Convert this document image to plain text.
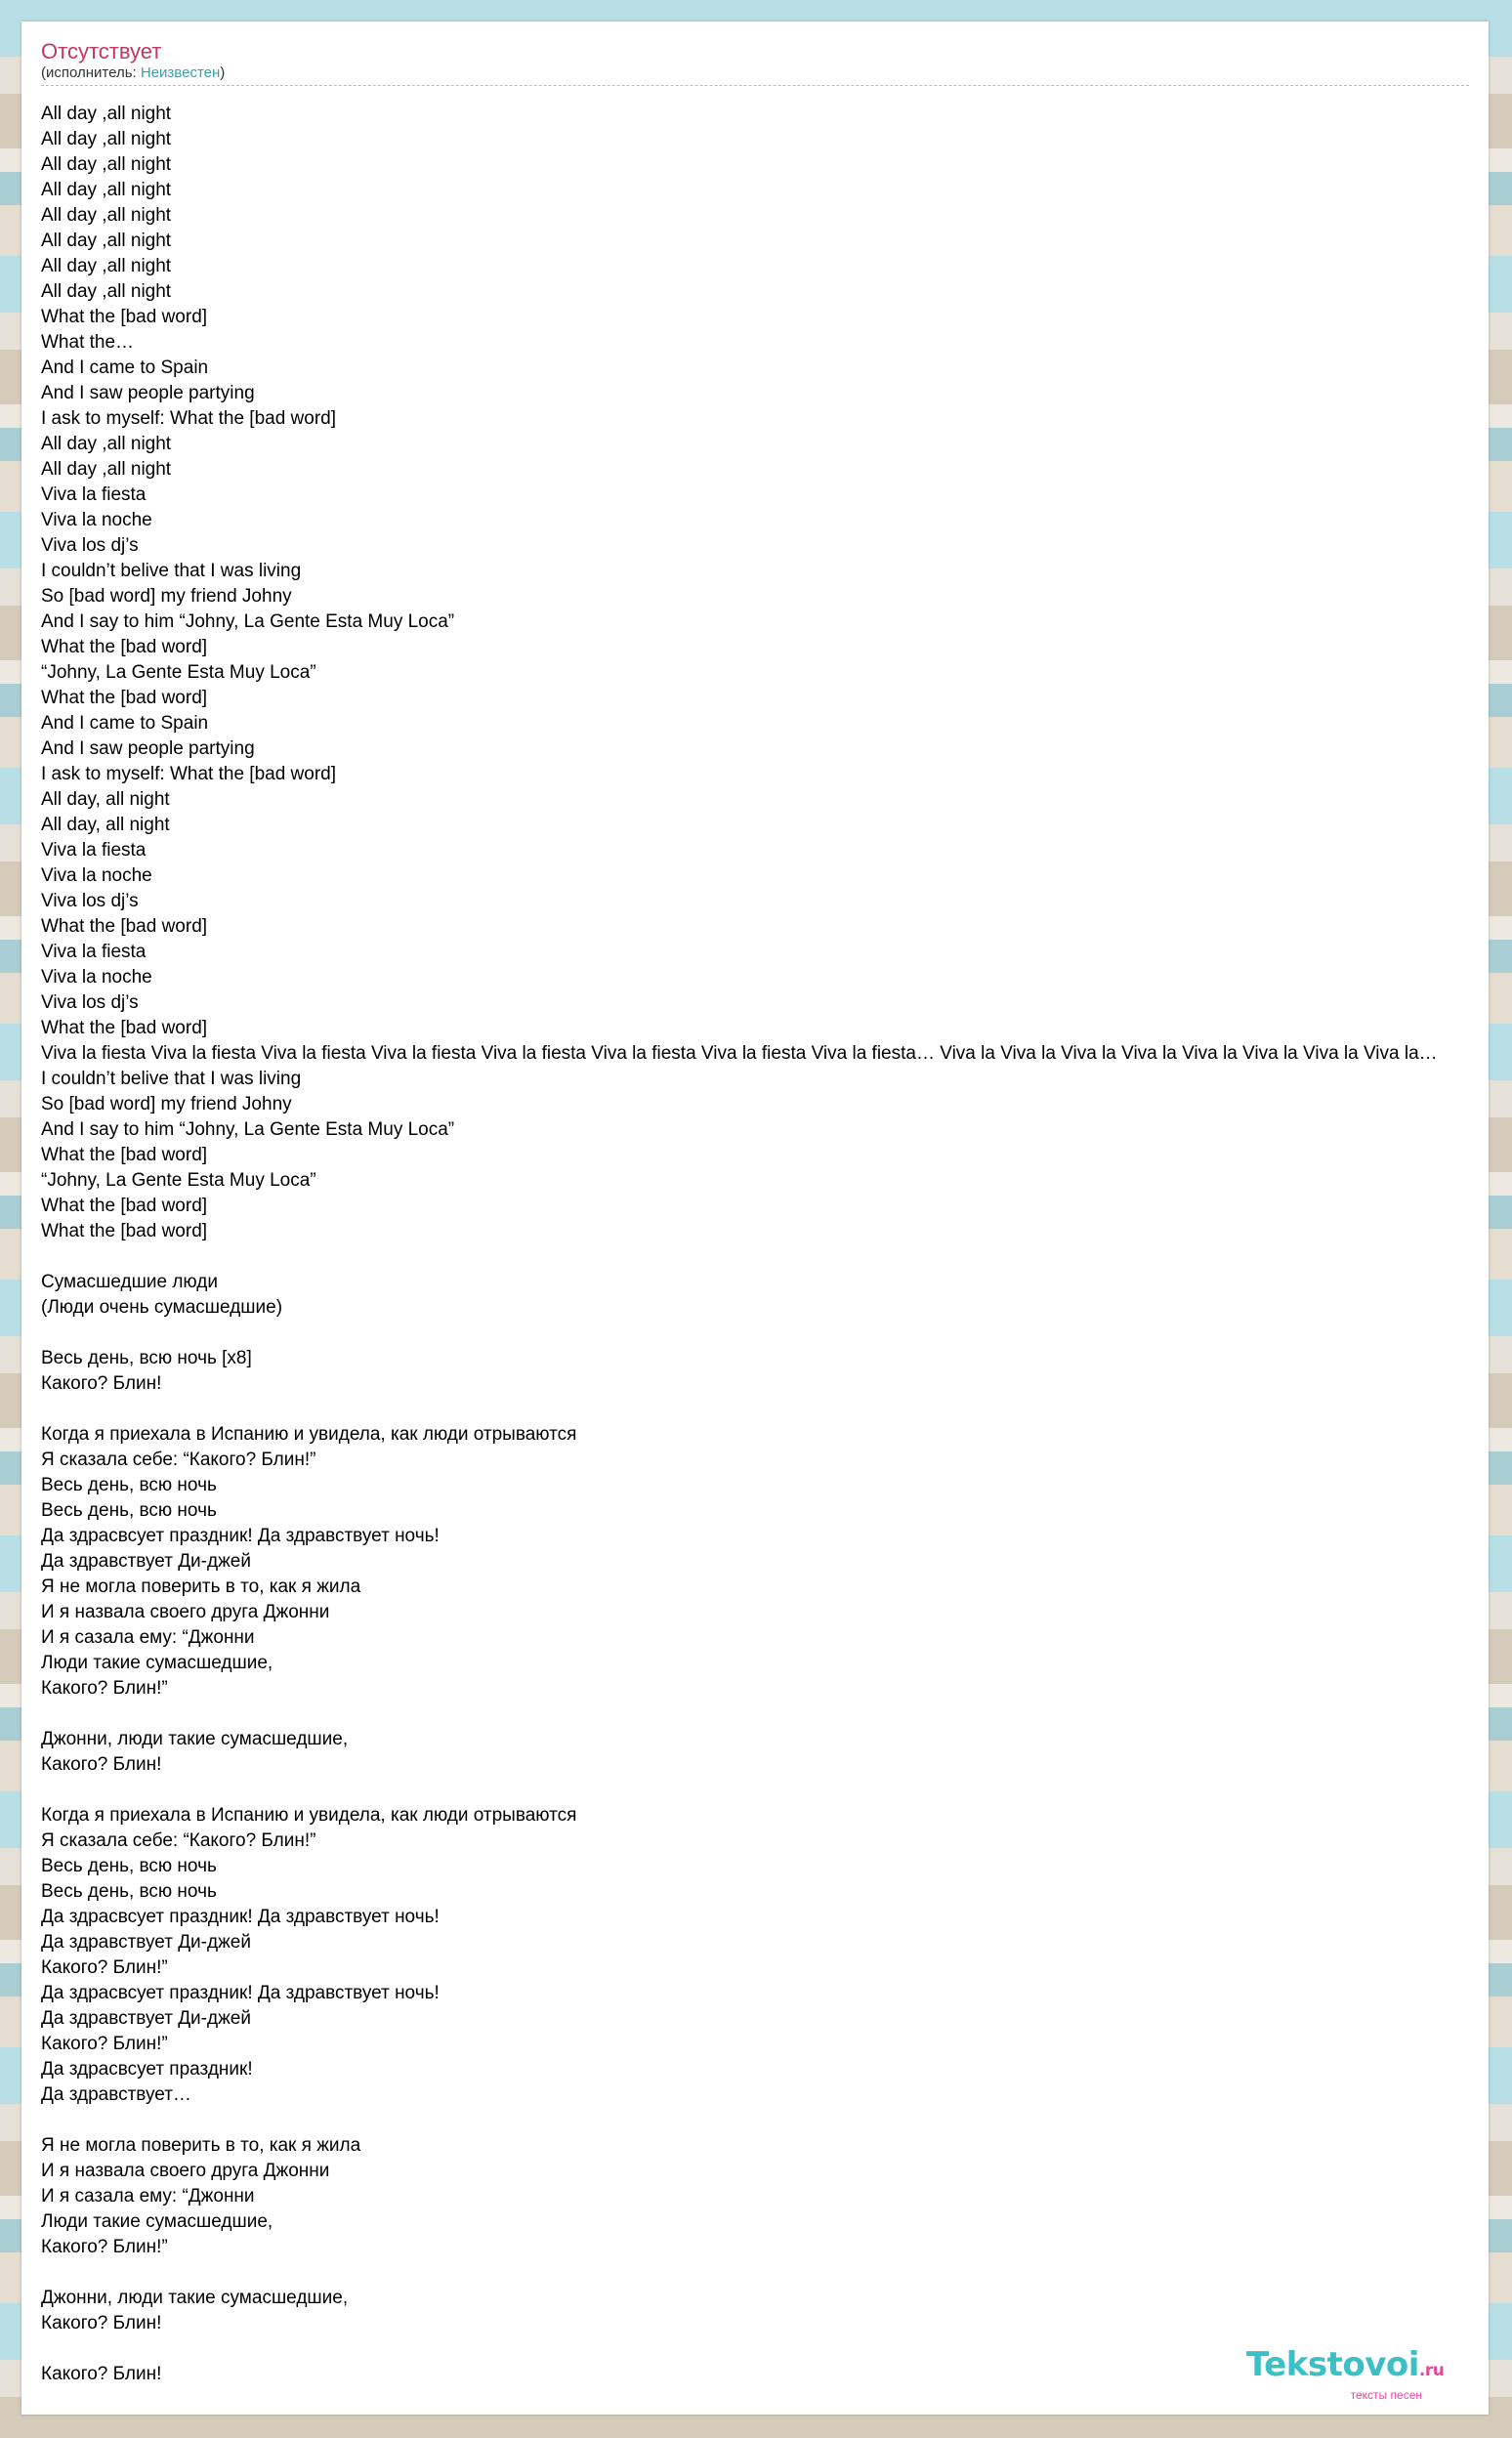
Отсутствует
(исполнитель: Неизвестен)
All day ,all night
All day ,all night
All day ,all night
All day ,all night
All day ,all night
All day ,all night
All day ,all night
All day ,all night
What the [bad word]
What the…
And I came to Spain
And I saw people partying
I ask to myself: What the [bad word]
All day ,all night
All day ,all night
Viva la fiesta
Viva la noche
Viva los dj’s
I couldn’t belive that I was living
So [bad word] my friend Johny
And I say to him “Johny, La Gente Esta Muy Loca”
What the [bad word]
“Johny, La Gente Esta Muy Loca”
What the [bad word]
And I came to Spain
And I saw people partying
I ask to myself: What the [bad word]
All day, all night
All day, all night
Viva la fiesta
Viva la noche
Viva los dj’s
What the [bad word]
Viva la fiesta
Viva la noche
Viva los dj’s
What the [bad word]
Viva la fiesta Viva la fiesta Viva la fiesta Viva la fiesta Viva la fiesta Viva la fiesta Viva la fiesta Viva la fiesta… Viva la Viva la Viva la Viva la Viva la Viva la Viva la Viva la…
I couldn’t belive that I was living
So [bad word] my friend Johny
And I say to him “Johny, La Gente Esta Muy Loca”
What the [bad word]
“Johny, La Gente Esta Muy Loca”
What the [bad word]
What the [bad word]
Сумасшедшие люди
(Люди очень сумасшедшие)
Весь день, всю ночь [x8]
Какого? Блин!
Когда я приехала в Испанию и увидела, как люди отрываются
Я сказала себе: “Какого? Блин!”
Весь день, всю ночь
Весь день, всю ночь
Да здрасвсует праздник! Да здравствует ночь!
Да здравствует Ди-джей
Я не могла поверить в то, как я жила
И я назвала своего друга Джонни
И я сазала ему: “Джонни
Люди такие сумасшедшие,
Какого? Блин!”
Джонни, люди такие сумасшедшие,
Какого? Блин!
Когда я приехала в Испанию и увидела, как люди отрываются
Я сказала себе: “Какого? Блин!”
Весь день, всю ночь
Весь день, всю ночь
Да здрасвсует праздник! Да здравствует ночь!
Да здравствует Ди-джей
Какого? Блин!”
Да здрасвсует праздник! Да здравствует ночь!
Да здравствует Ди-джей
Какого? Блин!”
Да здрасвсует праздник!
Да здравствует…
Я не могла поверить в то, как я жила
И я назвала своего друга Джонни
И я сазала ему: “Джонни
Люди такие сумасшедшие,
Какого? Блин!”
Джонни, люди такие сумасшедшие,
Какого? Блин!
Какого? Блин!	Tekstovoi.ru
тексты песен
